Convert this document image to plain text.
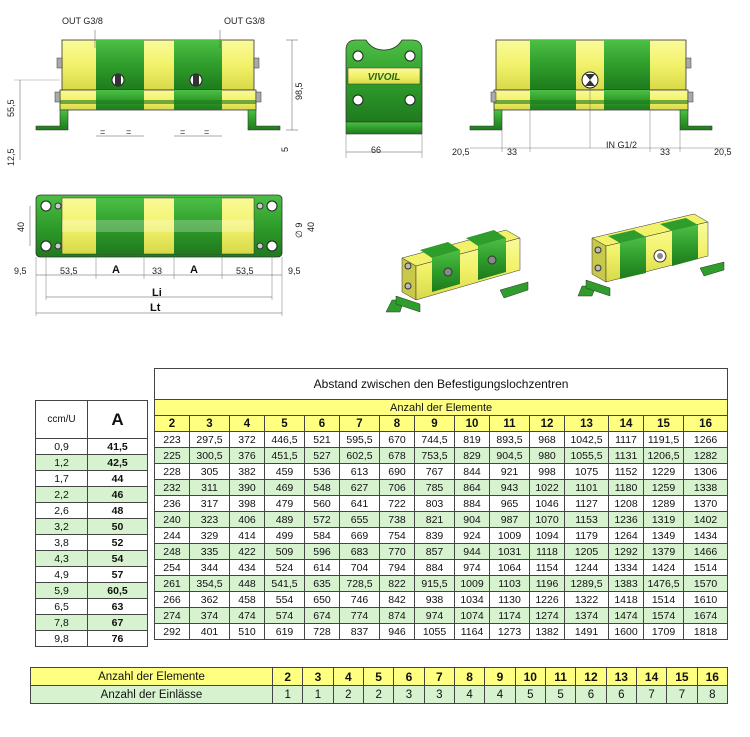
OUT G3/8	OUT G3/8
98,5
55,5
12,5	5
= =	= =
VIVOIL
66	20,5	33
IN G1/2
33	20,5
40	∅ 9 40
9,5	53,5	A	33	A	53,5	9,5
Li
Lt
ccm/U	A
0,9	41,5
1,2	42,5
1,7	44
2,2	46
2,6	48
3,2	50
3,8	52
4,3	54
4,9	57
5,9	60,5
6,5	63
7,8	67
9,8	76
Abstand zwischen den Befestigungslochzentren														
Anzahl der Elemente														
2	3	4	5	6	7	8	9	10	11	12	13	14	15	16
223	297,5	372	446,5	521	595,5	670	744,5	819	893,5	968	1042,5	1117	1191,5	1266
225	300,5	376	451,5	527	602,5	678	753,5	829	904,5	980	1055,5	1131	1206,5	1282
228	305	382	459	536	613	690	767	844	921	998	1075	1152	1229	1306
232	311	390	469	548	627	706	785	864	943	1022	1101	1180	1259	1338
236	317	398	479	560	641	722	803	884	965	1046	1127	1208	1289	1370
240	323	406	489	572	655	738	821	904	987	1070	1153	1236	1319	1402
244	329	414	499	584	669	754	839	924	1009	1094	1179	1264	1349	1434
248	335	422	509	596	683	770	857	944	1031	1118	1205	1292	1379	1466
254	344	434	524	614	704	794	884	974	1064	1154	1244	1334	1424	1514
261	354,5	448	541,5	635	728,5	822	915,5	1009	1103	1196	1289,5	1383	1476,5	1570
266	362	458	554	650	746	842	938	1034	1130	1226	1322	1418	1514	1610
274	374	474	574	674	774	874	974	1074	1174	1274	1374	1474	1574	1674
292	401	510	619	728	837	946	1055	1164	1273	1382	1491	1600	1709	1818
Anzahl der Elemente	2	3	4	5	6	7	8	9	10	11	12	13	14	15	16
Anzahl der Einlässe	1	1	2	2	3	3	4	4	5	5	6	6	7	7	8
